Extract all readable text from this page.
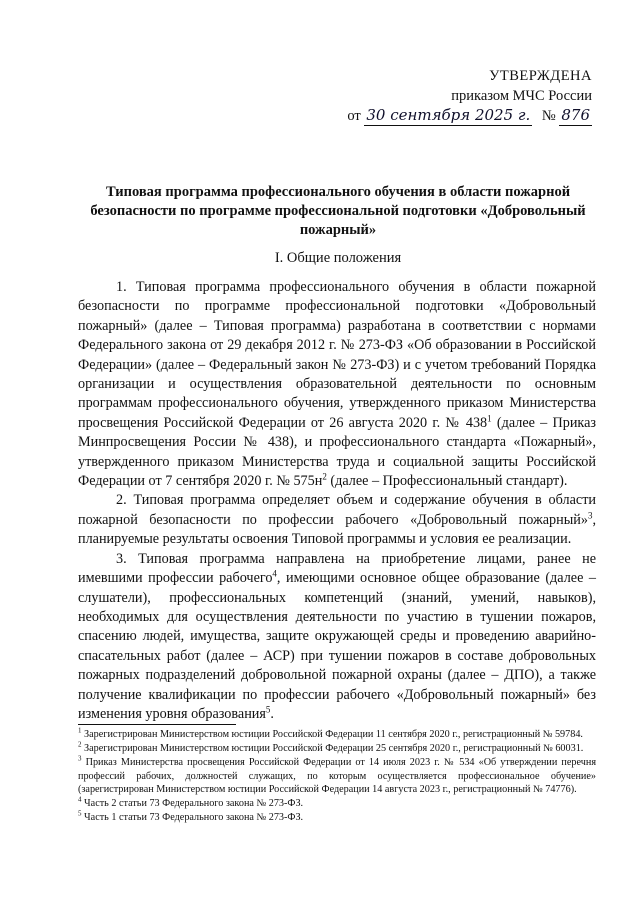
УТВЕРЖДЕНА
приказом МЧС России
от 30 сентября 2025 г. № 876
Типовая программа профессионального обучения в области пожарной безопасности по программе профессиональной подготовки «Добровольный пожарный»
I. Общие положения

1. Типовая программа профессионального обучения в области пожарной безопасности по программе профессиональной подготовки «Добровольный пожарный» (далее – Типовая программа) разработана в соответствии с нормами Федерального закона от 29 декабря 2012 г. № 273-ФЗ «Об образовании в Российской Федерации» (далее – Федеральный закон № 273-ФЗ) и с учетом требований Порядка организации и осуществления образовательной деятельности по основным программам профессионального обучения, утвержденного приказом Министерства просвещения Российской Федерации от 26 августа 2020 г. № $438^1$ (далее – Приказ Минпросвещения России № 438), и профессионального стандарта «Пожарный», утвержденного приказом Министерства труда и социальной защиты Российской Федерации от 7 сентября 2020 г. № $575н^2$ (далее – Профессиональный стандарт).

2. Типовая программа определяет объем и содержание обучения в области пожарной безопасности по профессии рабочего «Добровольный пожарный»$^3$, планируемые результаты освоения Типовой программы и условия ее реализации.

3. Типовая программа направлена на приобретение лицами, ранее не имевшими профессии рабочего$^4$, имеющими основное общее образование (далее – слушатели), профессиональных компетенций (знаний, умений, навыков), необходимых для осуществления деятельности по участию в тушении пожаров, спасению людей, имущества, защите окружающей среды и проведению аварийно-спасательных работ (далее – АСР) при тушении пожаров в составе добровольных пожарных подразделений добровольной пожарной охраны (далее – ДПО), а также получение квалификации по профессии рабочего «Добровольный пожарный» без изменения уровня образования$^5$.

$^1$ Зарегистрирован Министерством юстиции Российской Федерации 11 сентября 2020 г., регистрационный № 59784.
$^2$ Зарегистрирован Министерством юстиции Российской Федерации 25 сентября 2020 г., регистрационный № 60031.
$^3$ Приказ Министерства просвещения Российской Федерации от 14 июля 2023 г. № 534 «Об утверждении перечня профессий рабочих, должностей служащих, по которым осуществляется профессиональное обучение» (зарегистрирован Министерством юстиции Российской Федерации 14 августа 2023 г., регистрационный № 74776).
$^4$ Часть 2 статьи 73 Федерального закона № 273-ФЗ.
$^5$ Часть 1 статьи 73 Федерального закона № 273-ФЗ.
